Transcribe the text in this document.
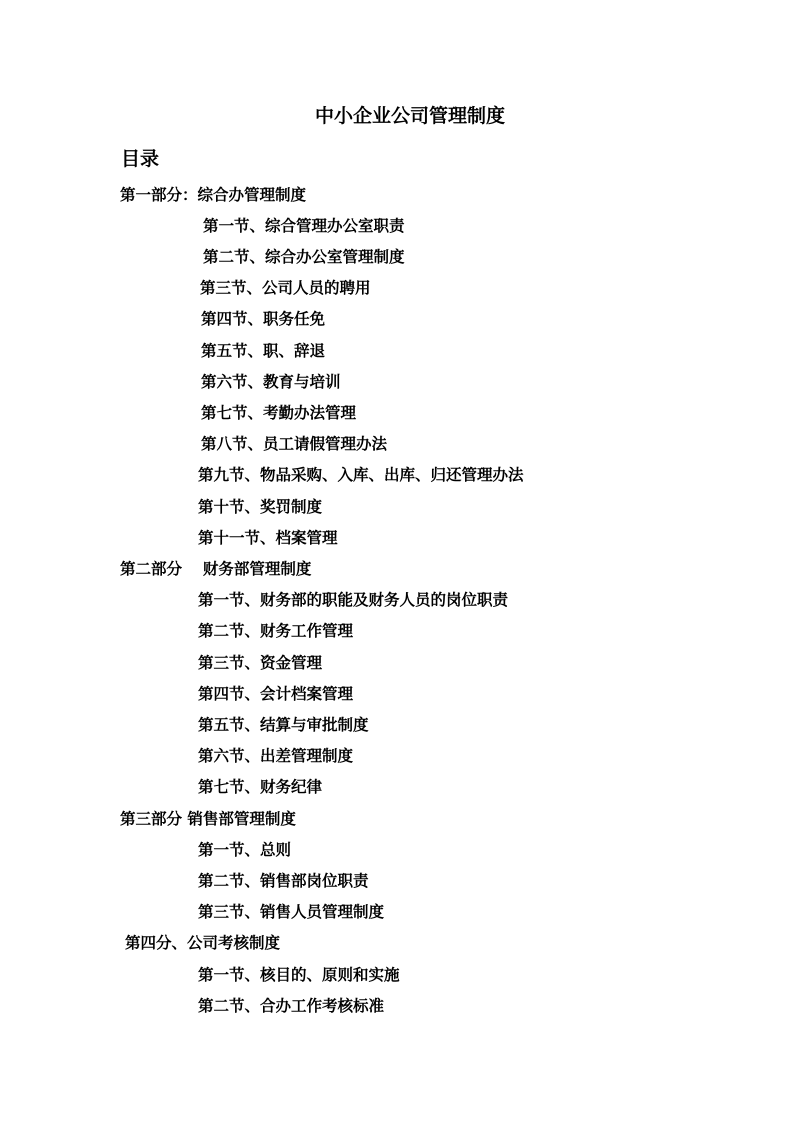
中小企业公司管理制度
目录
第一部分：综合办管理制度
第一节、综合管理办公室职责
第二节、综合办公室管理制度
第三节、公司人员的聘用
第四节、职务任免
第五节、职、辞退
第六节、教育与培训
第七节、考勤办法管理
第八节、员工请假管理办法
第九节、物品采购、入库、出库、归还管理办法
第十节、奖罚制度
第十一节、档案管理
第二部分　 财务部管理制度
第一节、财务部的职能及财务人员的岗位职责
第二节、财务工作管理
第三节、资金管理
第四节、会计档案管理
第五节、结算与审批制度
第六节、出差管理制度
第七节、财务纪律
第三部分 销售部管理制度
第一节、总则
第二节、销售部岗位职责
第三节、销售人员管理制度
第四分、公司考核制度
第一节、核目的、原则和实施
第二节、合办工作考核标准
